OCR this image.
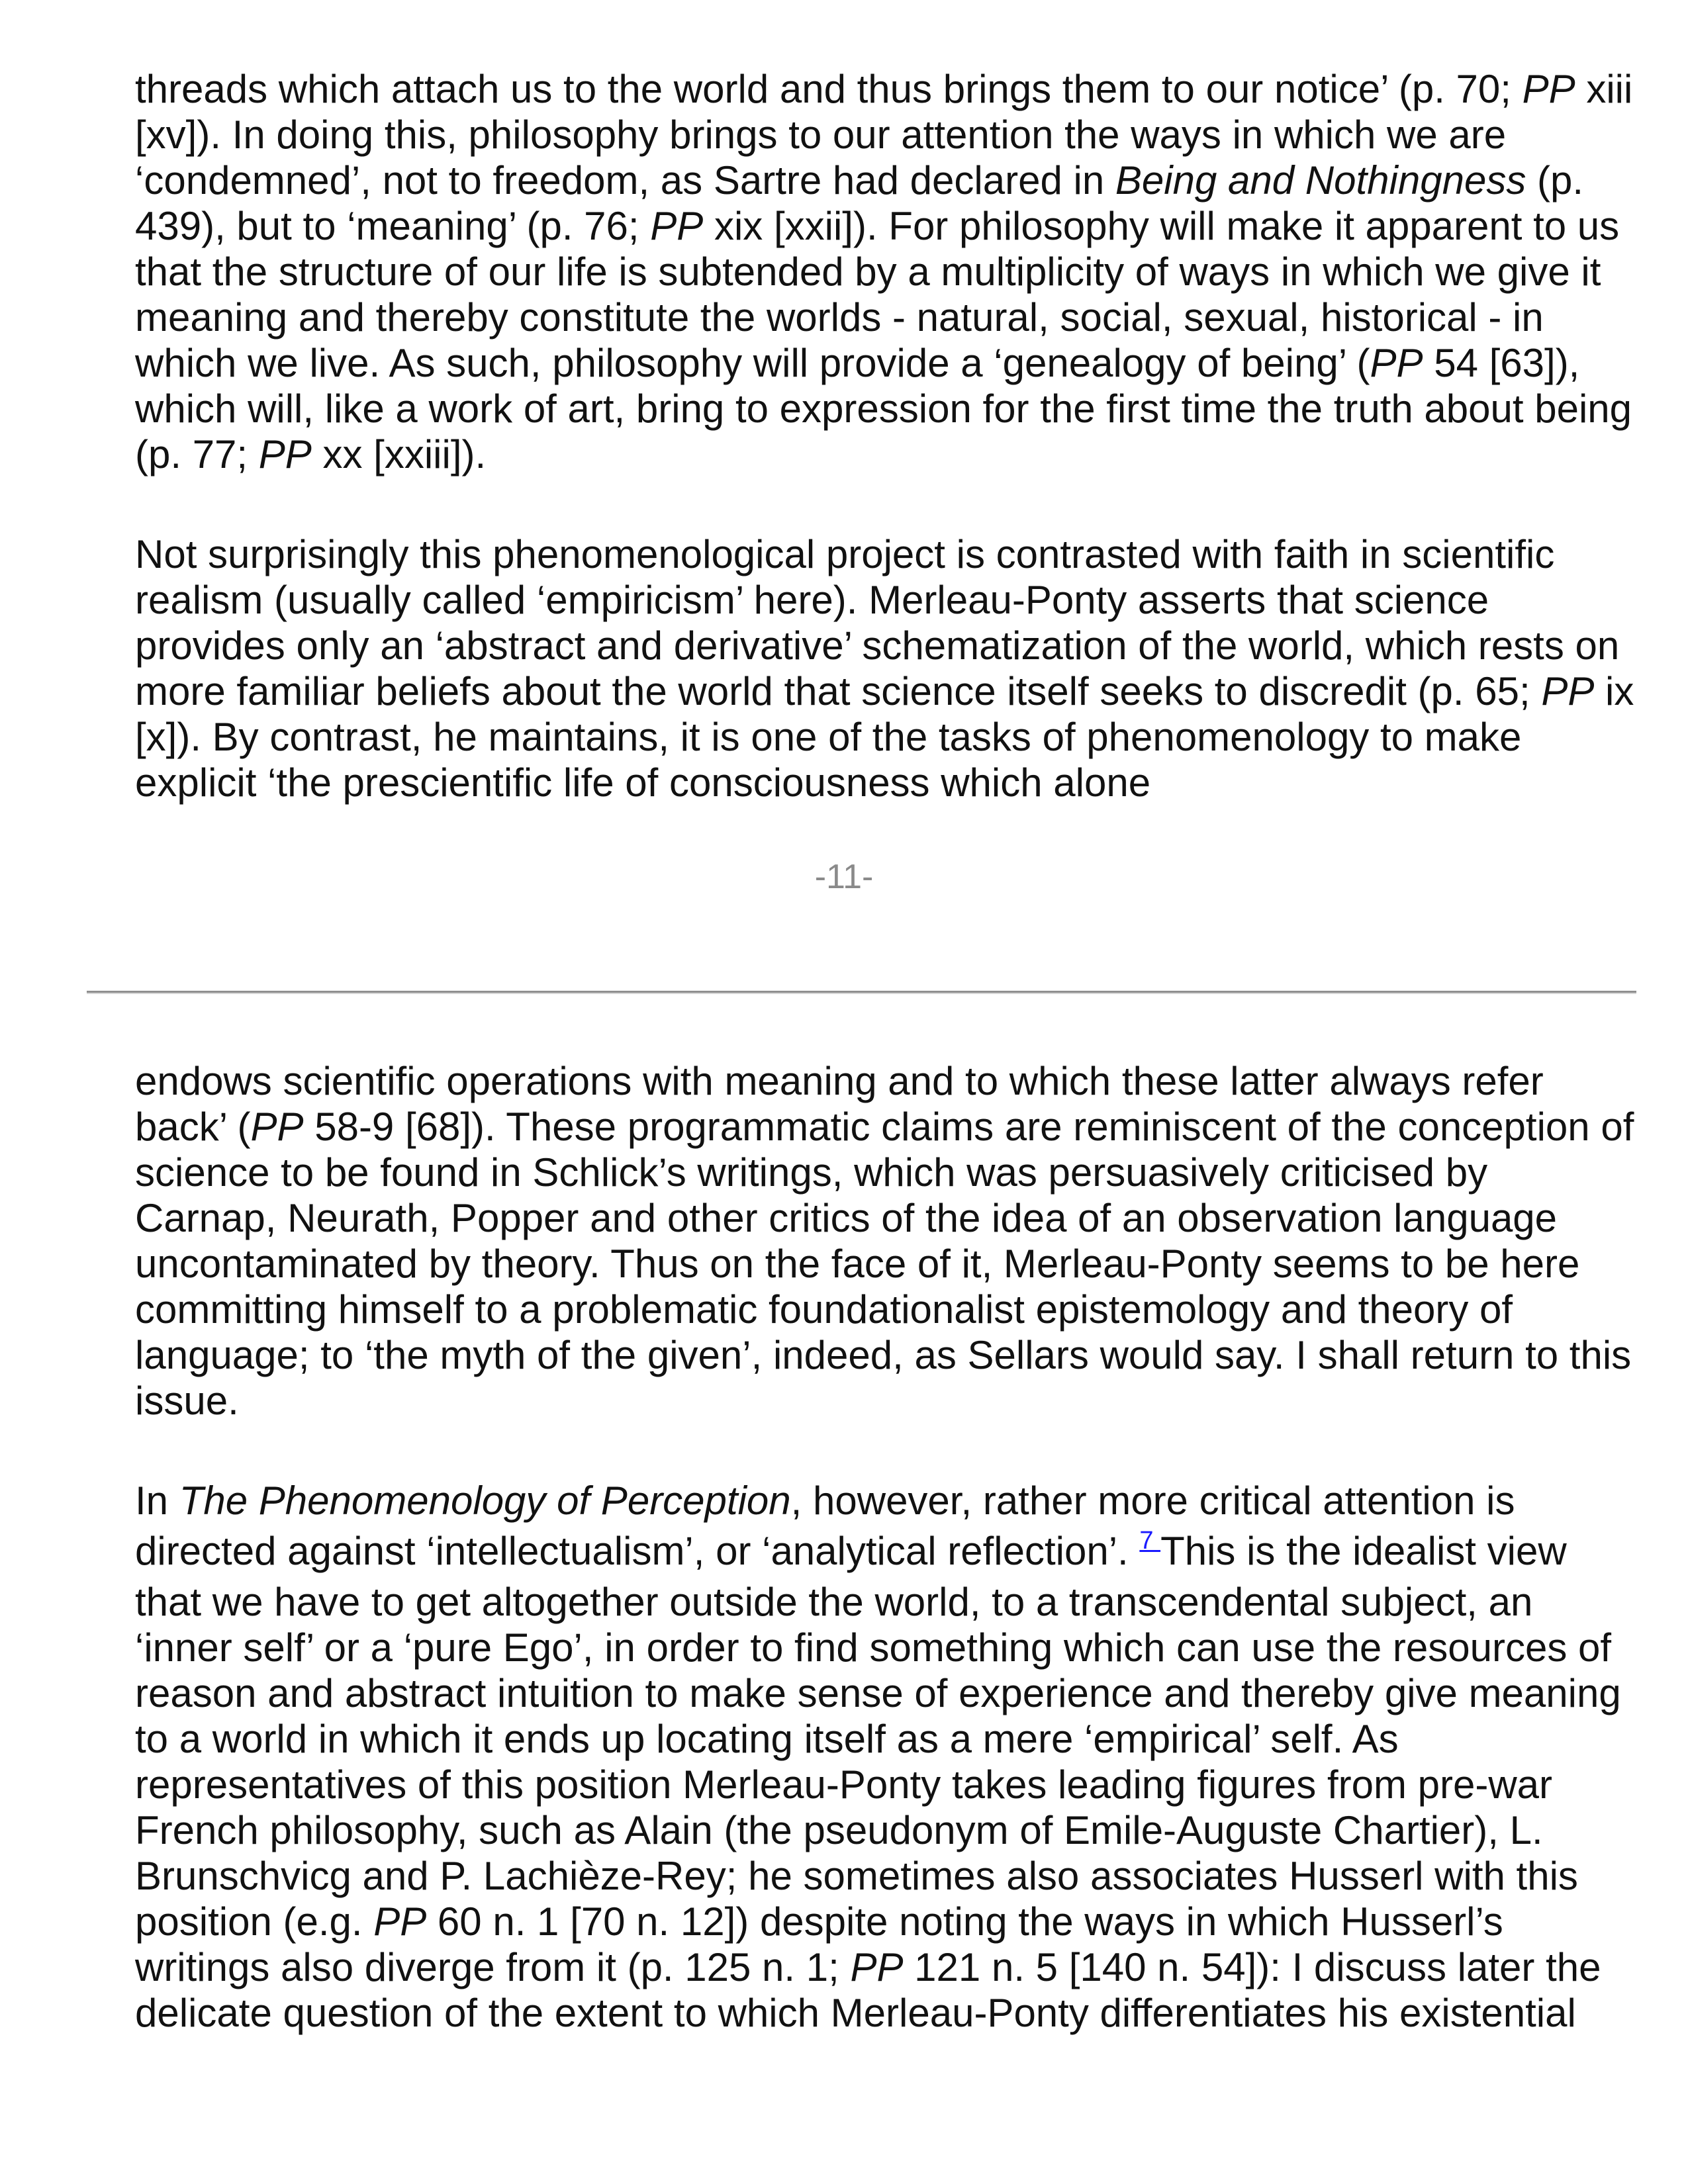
threads which attach us to the world and thus brings them to our notice’ (p. 70; PP xiii
[xv]). In doing this, philosophy brings to our attention the ways in which we are
‘condemned’, not to freedom, as Sartre had declared in Being and Nothingness (p.
439), but to ‘meaning’ (p. 76; PP xix [xxii]). For philosophy will make it apparent to us
that the structure of our life is subtended by a multiplicity of ways in which we give it
meaning and thereby constitute the worlds - natural, social, sexual, historical - in
which we live. As such, philosophy will provide a ‘genealogy of being’ (PP 54 [63]),
which will, like a work of art, bring to expression for the first time the truth about being
(p. 77; PP xx [xxiii]).
Not surprisingly this phenomenological project is contrasted with faith in scientific
realism (usually called ‘empiricism’ here). Merleau-Ponty asserts that science
provides only an ‘abstract and derivative’ schematization of the world, which rests on
more familiar beliefs about the world that science itself seeks to discredit (p. 65; PP ix
[x]). By contrast, he maintains, it is one of the tasks of phenomenology to make
explicit ‘the prescientific life of consciousness which alone
-11-
endows scientific operations with meaning and to which these latter always refer
back’ (PP 58-9 [68]). These programmatic claims are reminiscent of the conception of
science to be found in Schlick’s writings, which was persuasively criticised by
Carnap, Neurath, Popper and other critics of the idea of an observation language
uncontaminated by theory. Thus on the face of it, Merleau-Ponty seems to be here
committing himself to a problematic foundationalist epistemology and theory of
language; to ‘the myth of the given’, indeed, as Sellars would say. I shall return to this
issue.
In The Phenomenology of Perception, however, rather more critical attention is
directed against ‘intellectualism’, or ‘analytical reflection’. $^7$ This is the idealist view
that we have to get altogether outside the world, to a transcendental subject, an
‘inner self’ or a ‘pure Ego’, in order to find something which can use the resources of
reason and abstract intuition to make sense of experience and thereby give meaning
to a world in which it ends up locating itself as a mere ‘empirical’ self. As
representatives of this position Merleau-Ponty takes leading figures from pre-war
French philosophy, such as Alain (the pseudonym of Emile-Auguste Chartier), L.
Brunschvicg and P. Lachièze-Rey; he sometimes also associates Husserl with this
position (e.g. PP 60 n. 1 [70 n. 12]) despite noting the ways in which Husserl’s
writings also diverge from it (p. 125 n. 1; PP 121 n. 5 [140 n. 54]): I discuss later the
delicate question of the extent to which Merleau-Ponty differentiates his existential
